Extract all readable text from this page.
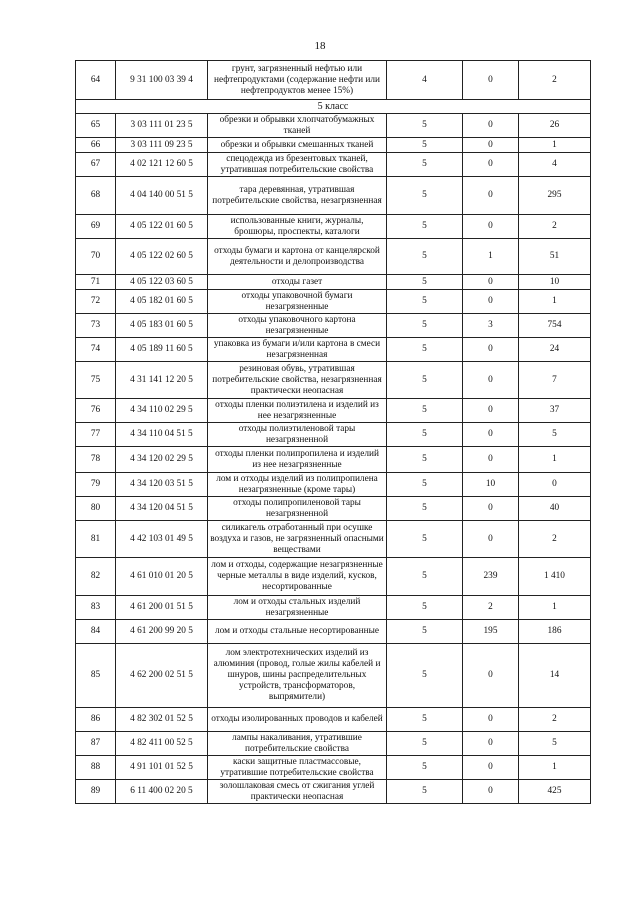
18
64	9 31 100 03 39 4	грунт, загрязненный нефтью или нефтепродуктами (содержание нефти или нефтепродуктов менее 15%)	4	0	2
5 класс					
65	3 03 111 01 23 5	обрезки и обрывки хлопчатобумажных тканей	5	0	26
66	3 03 111 09 23 5	обрезки и обрывки смешанных тканей	5	0	1
67	4 02 121 12 60 5	спецодежда из брезентовых тканей, утратившая потребительские свойства	5	0	4
68	4 04 140 00 51 5	тара деревянная, утратившая потребительские свойства, незагрязненная	5	0	295
69	4 05 122 01 60 5	использованные книги, журналы, брошюры, проспекты, каталоги	5	0	2
70	4 05 122 02 60 5	отходы бумаги и картона от канцелярской деятельности и делопроизводства	5	1	51
71	4 05 122 03 60 5	отходы газет	5	0	10
72	4 05 182 01 60 5	отходы упаковочной бумаги незагрязненные	5	0	1
73	4 05 183 01 60 5	отходы упаковочного картона незагрязненные	5	3	754
74	4 05 189 11 60 5	упаковка из бумаги и/или картона в смеси незагрязненная	5	0	24
75	4 31 141 12 20 5	резиновая обувь, утратившая потребительские свойства, незагрязненная практически неопасная	5	0	7
76	4 34 110 02 29 5	отходы пленки полиэтилена и изделий из нее незагрязненные	5	0	37
77	4 34 110 04 51 5	отходы полиэтиленовой тары незагрязненной	5	0	5
78	4 34 120 02 29 5	отходы пленки полипропилена и изделий из нее незагрязненные	5	0	1
79	4 34 120 03 51 5	лом и отходы изделий из полипропилена незагрязненные (кроме тары)	5	10	0
80	4 34 120 04 51 5	отходы полипропиленовой тары незагрязненной	5	0	40
81	4 42 103 01 49 5	силикагель отработанный при осушке воздуха и газов, не загрязненный опасными веществами	5	0	2
82	4 61 010 01 20 5	лом и отходы, содержащие незагрязненные черные металлы в виде изделий, кусков, несортированные	5	239	1 410
83	4 61 200 01 51 5	лом и отходы стальных изделий незагрязненные	5	2	1
84	4 61 200 99 20 5	лом и отходы стальные несортированные	5	195	186
85	4 62 200 02 51 5	лом электротехнических изделий из алюминия (провод, голые жилы кабелей и шнуров, шины распределительных устройств, трансформаторов, выпрямители)	5	0	14
86	4 82 302 01 52 5	отходы изолированных проводов и кабелей	5	0	2
87	4 82 411 00 52 5	лампы накаливания, утратившие потребительские свойства	5	0	5
88	4 91 101 01 52 5	каски защитные пластмассовые, утратившие потребительские свойства	5	0	1
89	6 11 400 02 20 5	золошлаковая смесь от сжигания углей практически неопасная	5	0	425
